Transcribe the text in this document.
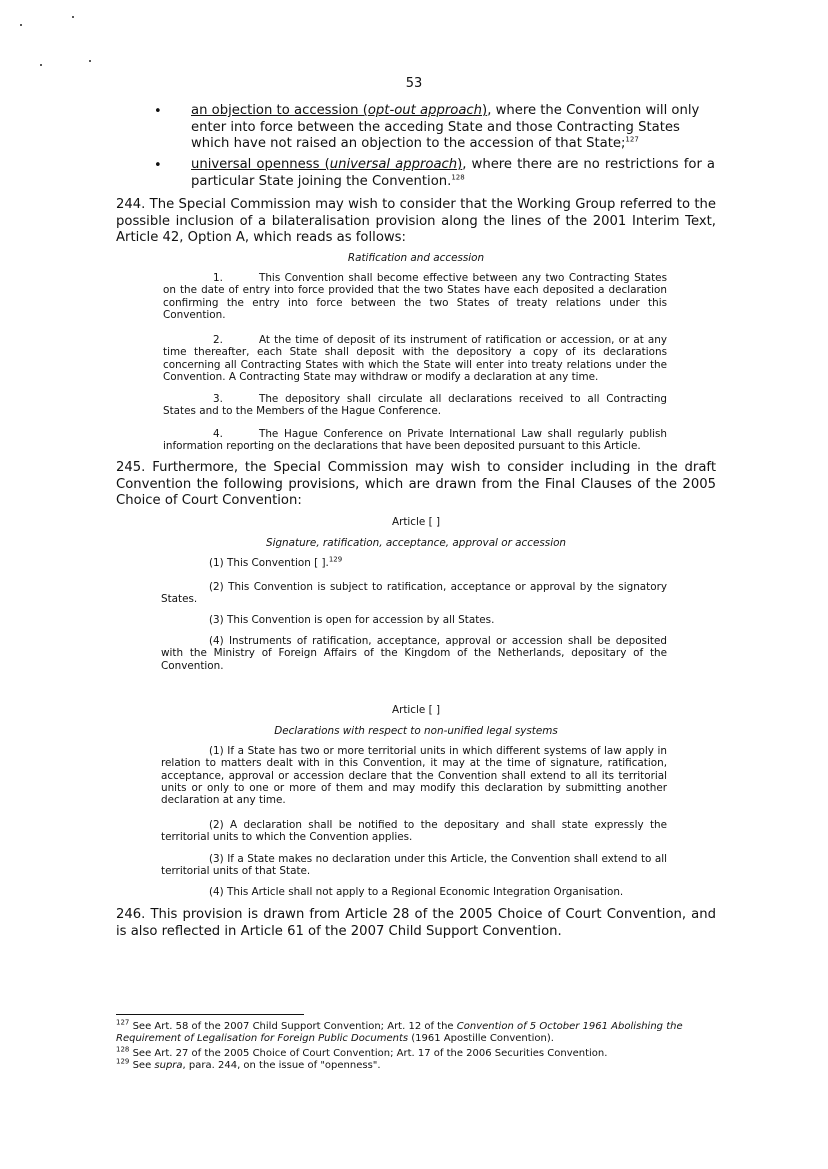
53
• an objection to accession (opt-out approach), where the Convention will only enter into force between the acceding State and those Contracting States which have not raised an objection to the accession of that State;$^{127}$
• universal openness (universal approach), where there are no restrictions for a particular State joining the Convention.$^{128}$

244. The Special Commission may wish to consider that the Working Group referred to the possible inclusion of a bilateralisation provision along the lines of the 2001 Interim Text, Article 42, Option A, which reads as follows:

Ratification and accession

1.	This Convention shall become effective between any two Contracting States on the date of entry into force provided that the two States have each deposited a declaration confirming the entry into force between the two States of treaty relations under this Convention.

2.	At the time of deposit of its instrument of ratification or accession, or at any time thereafter, each State shall deposit with the depository a copy of its declarations concerning all Contracting States with which the State will enter into treaty relations under the Convention. A Contracting State may withdraw or modify a declaration at any time.

3.	The depository shall circulate all declarations received to all Contracting States and to the Members of the Hague Conference.

4.	The Hague Conference on Private International Law shall regularly publish information reporting on the declarations that have been deposited pursuant to this Article.

245. Furthermore, the Special Commission may wish to consider including in the draft Convention the following provisions, which are drawn from the Final Clauses of the 2005 Choice of Court Convention:

Article [ ]
Signature, ratification, acceptance, approval or accession

(1) This Convention [ ].$^{129}$

(2) This Convention is subject to ratification, acceptance or approval by the signatory States.

(3) This Convention is open for accession by all States.

(4) Instruments of ratification, acceptance, approval or accession shall be deposited with the Ministry of Foreign Affairs of the Kingdom of the Netherlands, depositary of the Convention.

Article [ ]
Declarations with respect to non-unified legal systems

(1) If a State has two or more territorial units in which different systems of law apply in relation to matters dealt with in this Convention, it may at the time of signature, ratification, acceptance, approval or accession declare that the Convention shall extend to all its territorial units or only to one or more of them and may modify this declaration by submitting another declaration at any time.

(2) A declaration shall be notified to the depositary and shall state expressly the territorial units to which the Convention applies.

(3) If a State makes no declaration under this Article, the Convention shall extend to all territorial units of that State.

(4) This Article shall not apply to a Regional Economic Integration Organisation.

246. This provision is drawn from Article 28 of the 2005 Choice of Court Convention, and is also reflected in Article 61 of the 2007 Child Support Convention.

$^{127}$ See Art. 58 of the 2007 Child Support Convention; Art. 12 of the Convention of 5 October 1961 Abolishing the Requirement of Legalisation for Foreign Public Documents (1961 Apostille Convention).

$^{128}$ See Art. 27 of the 2005 Choice of Court Convention; Art. 17 of the 2006 Securities Convention.

$^{129}$ See supra, para. 244, on the issue of "openness".
